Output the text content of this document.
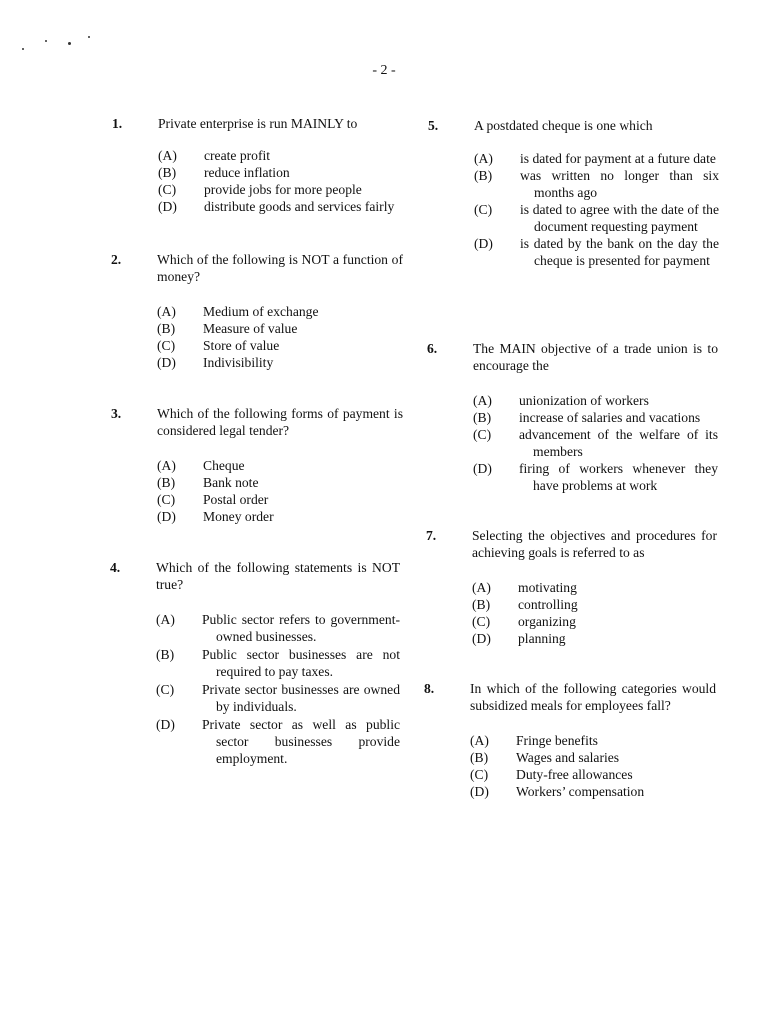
- 2 -
1.	Private enterprise is run MAINLY to
(A)	create profit
(B)	reduce inflation
(C)	provide jobs for more people
(D)	distribute goods and services fairly
2.	Which of the following is NOT a function of money?
(A)	Medium of exchange
(B)	Measure of value
(C)	Store of value
(D)	Indivisibility
3.	Which of the following forms of payment is considered legal tender?
(A)	Cheque
(B)	Bank note
(C)	Postal order
(D)	Money order
4.	Which of the following statements is NOT true?
(A)	Public sector refers to government-owned businesses.
(B)	Public sector businesses are not required to pay taxes.
(C)	Private sector businesses are owned by individuals.
(D)	Private sector as well as public sector businesses provide employment.
5.	A postdated cheque is one which
(A)	is dated for payment at a future date
(B)	was written no longer than six months ago
(C)	is dated to agree with the date of the document requesting payment
(D)	is dated by the bank on the day the cheque is presented for payment
6.	The MAIN objective of a trade union is to encourage the
(A)	unionization of workers
(B)	increase of salaries and vacations
(C)	advancement of the welfare of its members
(D)	firing of workers whenever they have problems at work
7.	Selecting the objectives and procedures for achieving goals is referred to as
(A)	motivating
(B)	controlling
(C)	organizing
(D)	planning
8.	In which of the following categories would subsidized meals for employees fall?
(A)	Fringe benefits
(B)	Wages and salaries
(C)	Duty-free allowances
(D)	Workers’ compensation
